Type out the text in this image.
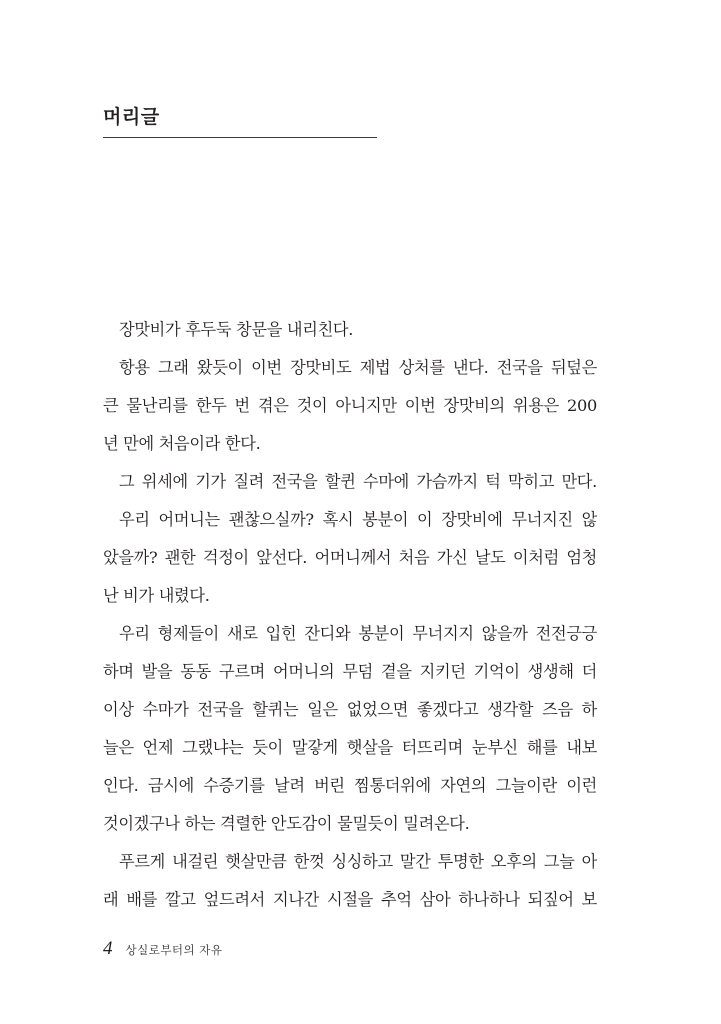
머리글
장맛비가 후두둑 창문을 내리친다.
항용 그래 왔듯이 이번 장맛비도 제법 상처를 낸다. 전국을 뒤덮은
큰 물난리를 한두 번 겪은 것이 아니지만 이번 장맛비의 위용은 200
년 만에 처음이라 한다.
그 위세에 기가 질려 전국을 할퀸 수마에 가슴까지 턱 막히고 만다.
우리 어머니는 괜찮으실까? 혹시 봉분이 이 장맛비에 무너지진 않
았을까? 괜한 걱정이 앞선다. 어머니께서 처음 가신 날도 이처럼 엄청
난 비가 내렸다.
우리 형제들이 새로 입힌 잔디와 봉분이 무너지지 않을까 전전긍긍
하며 발을 동동 구르며 어머니의 무덤 곁을 지키던 기억이 생생해 더
이상 수마가 전국을 할퀴는 일은 없었으면 좋겠다고 생각할 즈음 하
늘은 언제 그랬냐는 듯이 말갛게 햇살을 터뜨리며 눈부신 해를 내보
인다. 금시에 수증기를 날려 버린 찜통더위에 자연의 그늘이란 이런
것이겠구나 하는 격렬한 안도감이 물밀듯이 밀려온다.
푸르게 내걸린 햇살만큼 한껏 싱싱하고 말간 투명한 오후의 그늘 아
래 배를 깔고 엎드려서 지나간 시절을 추억 삼아 하나하나 되짚어 보
4 상실로부터의 자유
